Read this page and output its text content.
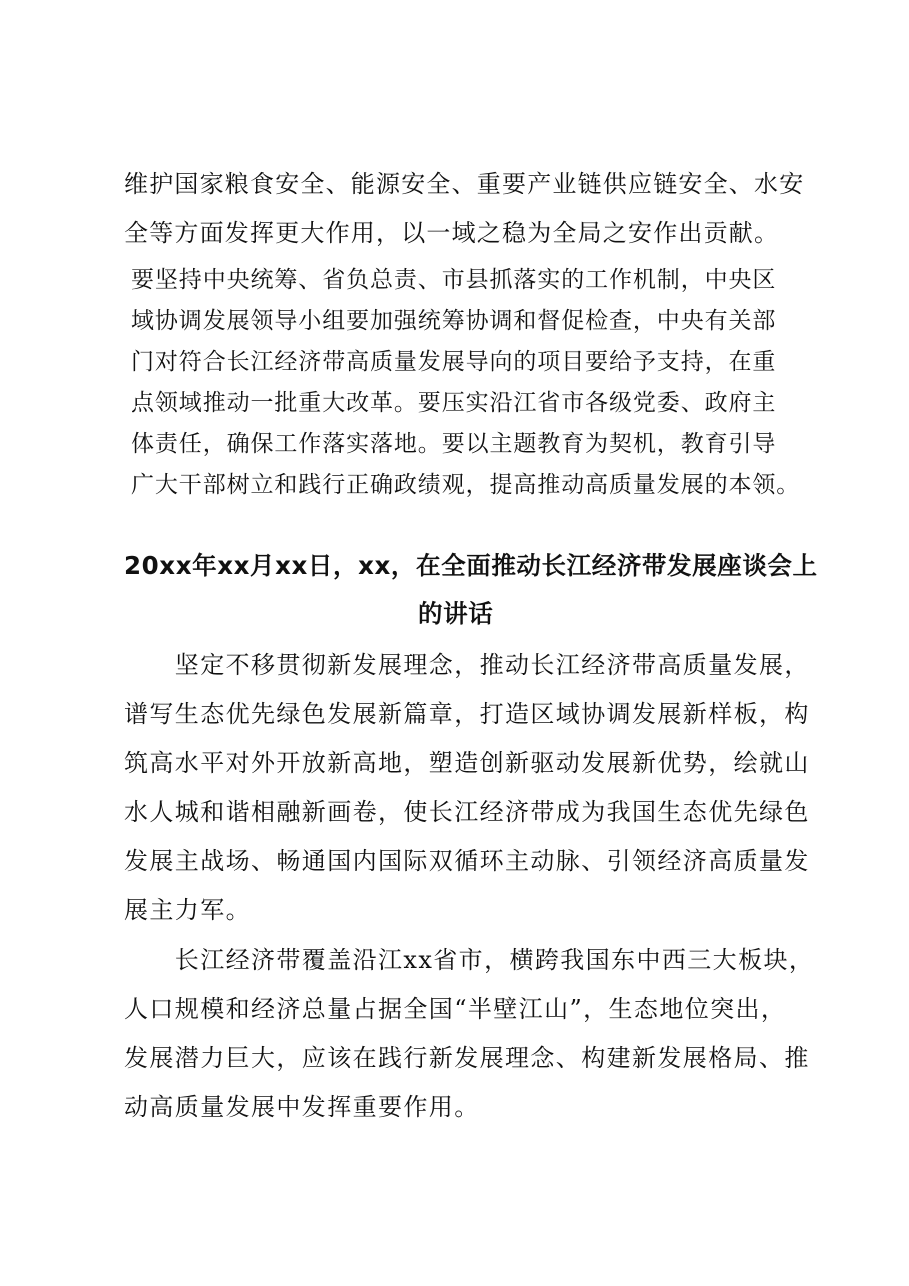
维护国家粮食安全、能源安全、重要产业链供应链安全、水安
全等方面发挥更大作用，以一域之稳为全局之安作出贡献。
要坚持中央统筹、省负总责、市县抓落实的工作机制，中央区
域协调发展领导小组要加强统筹协调和督促检查，中央有关部
门对符合长江经济带高质量发展导向的项目要给予支持，在重
点领域推动一批重大改革。要压实沿江省市各级党委、政府主
体责任，确保工作落实落地。要以主题教育为契机，教育引导
广大干部树立和践行正确政绩观，提高推动高质量发展的本领。
20xx年xx月xx日，xx，在全面推动长江经济带发展座谈会上
的讲话
　　坚定不移贯彻新发展理念，推动长江经济带高质量发展，
谱写生态优先绿色发展新篇章，打造区域协调发展新样板，构
筑高水平对外开放新高地，塑造创新驱动发展新优势，绘就山
水人城和谐相融新画卷，使长江经济带成为我国生态优先绿色
发展主战场、畅通国内国际双循环主动脉、引领经济高质量发
展主力军。
　　长江经济带覆盖沿江xx省市，横跨我国东中西三大板块，
人口规模和经济总量占据全国“半壁江山”，生态地位突出，
发展潜力巨大，应该在践行新发展理念、构建新发展格局、推
动高质量发展中发挥重要作用。
